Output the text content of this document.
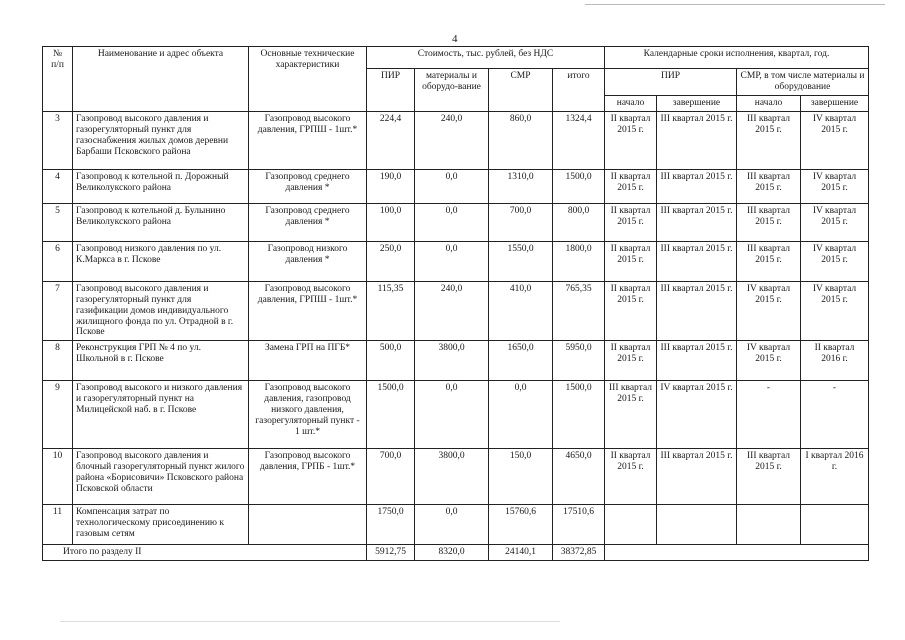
4
№
п/п	Наименование и адрес объекта	Основные технические характеристики	Стоимость, тыс. рублей, без НДС				Календарные сроки исполнения, квартал, год.			
			ПИР	материалы и оборудо-вание	СМР	итого	ПИР		СМР, в том числе материалы и оборудование	
							начало	завершение	начало	завершение
3	Газопровод высокого давления и газорегуляторный пункт для газоснабжения жилых домов деревни Барбаши Псковского района	Газопровод высокого давления, ГРПШ - 1шт.*	224,4	240,0	860,0	1324,4	II квартал 2015 г.	III квартал 2015 г.	III квартал 2015 г.	IV квартал 2015 г.
4	Газопровод к котельной п. Дорожный Великолукского района	Газопровод среднего давления *	190,0	0,0	1310,0	1500,0	II квартал 2015 г.	III квартал 2015 г.	III квартал 2015 г.	IV квартал 2015 г.
5	Газопровод к котельной д. Булынино Великолукского района	Газопровод среднего давления *	100,0	0,0	700,0	800,0	II квартал 2015 г.	III квартал 2015 г.	III квартал 2015 г.	IV квартал 2015 г.
6	Газопровод низкого давления по ул. К.Маркса в г. Пскове	Газопровод низкого давления *	250,0	0,0	1550,0	1800,0	II квартал 2015 г.	III квартал 2015 г.	III квартал 2015 г.	IV квартал 2015 г.
7	Газопровод высокого давления и газорегуляторный пункт для газификации домов индивидуального жилищного фонда по ул. Отрадной в г. Пскове	Газопровод высокого давления, ГРПШ - 1шт.*	115,35	240,0	410,0	765,35	II квартал 2015 г.	III квартал 2015 г.	IV квартал 2015 г.	IV квартал 2015 г.
8	Реконструкция ГРП № 4 по ул. Школьной в г. Пскове	Замена ГРП на ПГБ*	500,0	3800,0	1650,0	5950,0	II квартал 2015 г.	III квартал 2015 г.	IV квартал 2015 г.	II квартал 2016 г.
9	Газопровод высокого и низкого давления и газорегуляторный пункт на Милицейской наб. в г. Пскове	Газопровод высокого давления, газопровод низкого давления, газорегуляторный пункт - 1 шт.*	1500,0	0,0	0,0	1500,0	III квартал 2015 г.	IV квартал 2015 г.	-	-
10	Газопровод высокого давления и блочный газорегуляторный пункт жилого района «Борисовичи» Псковского района Псковской области	Газопровод высокого давления, ГРПБ - 1шт.*	700,0	3800,0	150,0	4650,0	II квартал 2015 г.	III квартал 2015 г.	III квартал 2015 г.	I квартал 2016 г.
11	Компенсация затрат по технологическому присоединению к газовым сетям		1750,0	0,0	15760,6	17510,6				
Итого по разделу II			5912,75	8320,0	24140,1	38372,85				
